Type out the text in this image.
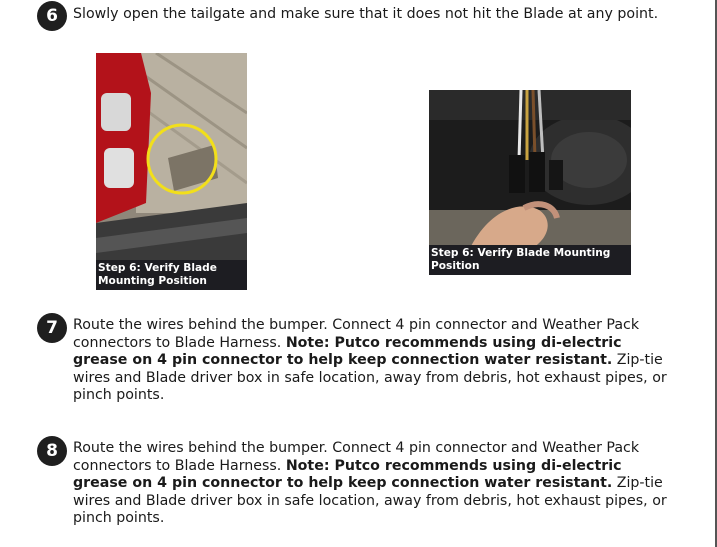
6	Slowly open the tailgate and make sure that it does not hit the Blade at any point.
Step 6: Verify Blade Mounting Position
Step 6: Verify Blade Mounting Position
7	Route the wires behind the bumper. Connect 4 pin connector and Weather Pack connectors to Blade Harness. Note: Putco recommends using di-electric grease on 4 pin connector to help keep connection water resistant. Zip-tie wires and Blade driver box in safe location, away from debris, hot exhaust pipes, or pinch points.
8	Route the wires behind the bumper. Connect 4 pin connector and Weather Pack connectors to Blade Harness. Note: Putco recommends using di-electric grease on 4 pin connector to help keep connection water resistant. Zip-tie wires and Blade driver box in safe location, away from debris, hot exhaust pipes, or pinch points.
